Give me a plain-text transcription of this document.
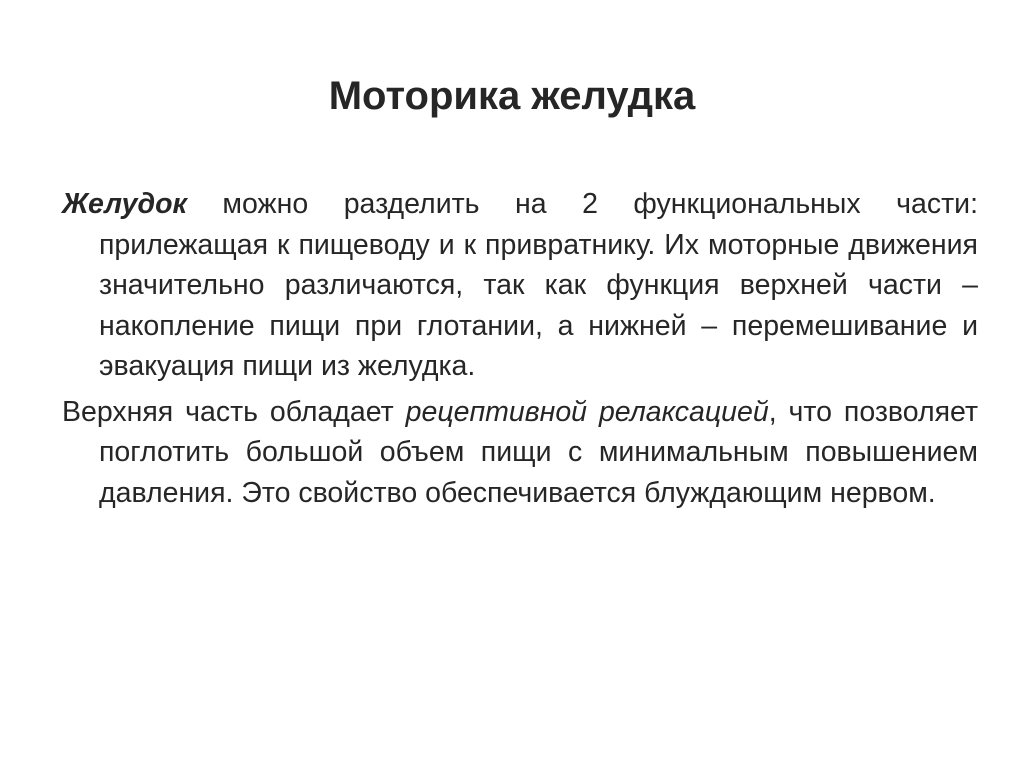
Моторика желудка

Желудок можно разделить на 2 функциональных части: прилежащая к пищеводу и к привратнику. Их моторные движения значительно различаются, так как функция верхней части – накопление пищи при глотании, а нижней – перемешивание и эвакуация пищи из желудка.

Верхняя часть обладает рецептивной релаксацией, что позволяет поглотить большой объем пищи с минимальным повышением давления. Это свойство обеспечивается блуждающим нервом.
